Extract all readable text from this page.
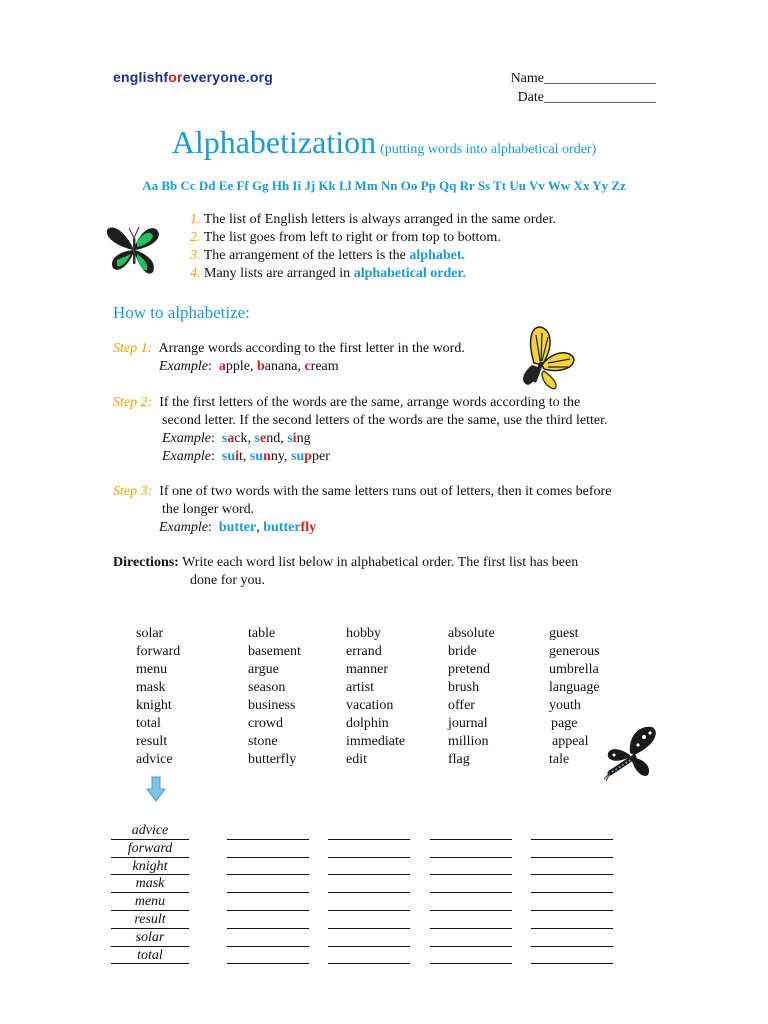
englishforeveryone.org	Name________________
Date________________
Alphabetization (putting words into alphabetical order)
Aa Bb Cc Dd Ee Ff Gg Hh Ii Jj Kk Ll Mm Nn Oo Pp Qq Rr Ss Tt Uu Vv Ww Xx Yy Zz
1. The list of English letters is always arranged in the same order.
2. The list goes from left to right or from top to bottom.
3. The arrangement of the letters is the alphabet.
4. Many lists are arranged in alphabetical order.
How to alphabetize:
Step 1: Arrange words according to the first letter in the word.
Example:  apple, banana, cream
Step 2: If the first letters of the words are the same, arrange words according to the
second letter. If the second letters of the words are the same, use the third letter.
Example:  sack, send, sing
Example:  suit, sunny, supper
Step 3: If one of two words with the same letters runs out of letters, then it comes before
the longer word.
Example:  butter, butterfly
Directions: Write each word list below in alphabetical order. The first list has been
done for you.
solar
forward
menu
mask
knight
total
result
advice
table
basement
argue
season
business
crowd
stone
butterfly
hobby
errand
manner
artist
vacation
dolphin
immediate
edit
absolute
bride
pretend
brush
offer
journal
million
flag
guest
generous
umbrella
language
youth
page
appeal
tale
advice
forward
knight
mask
menu
result
solar
total
